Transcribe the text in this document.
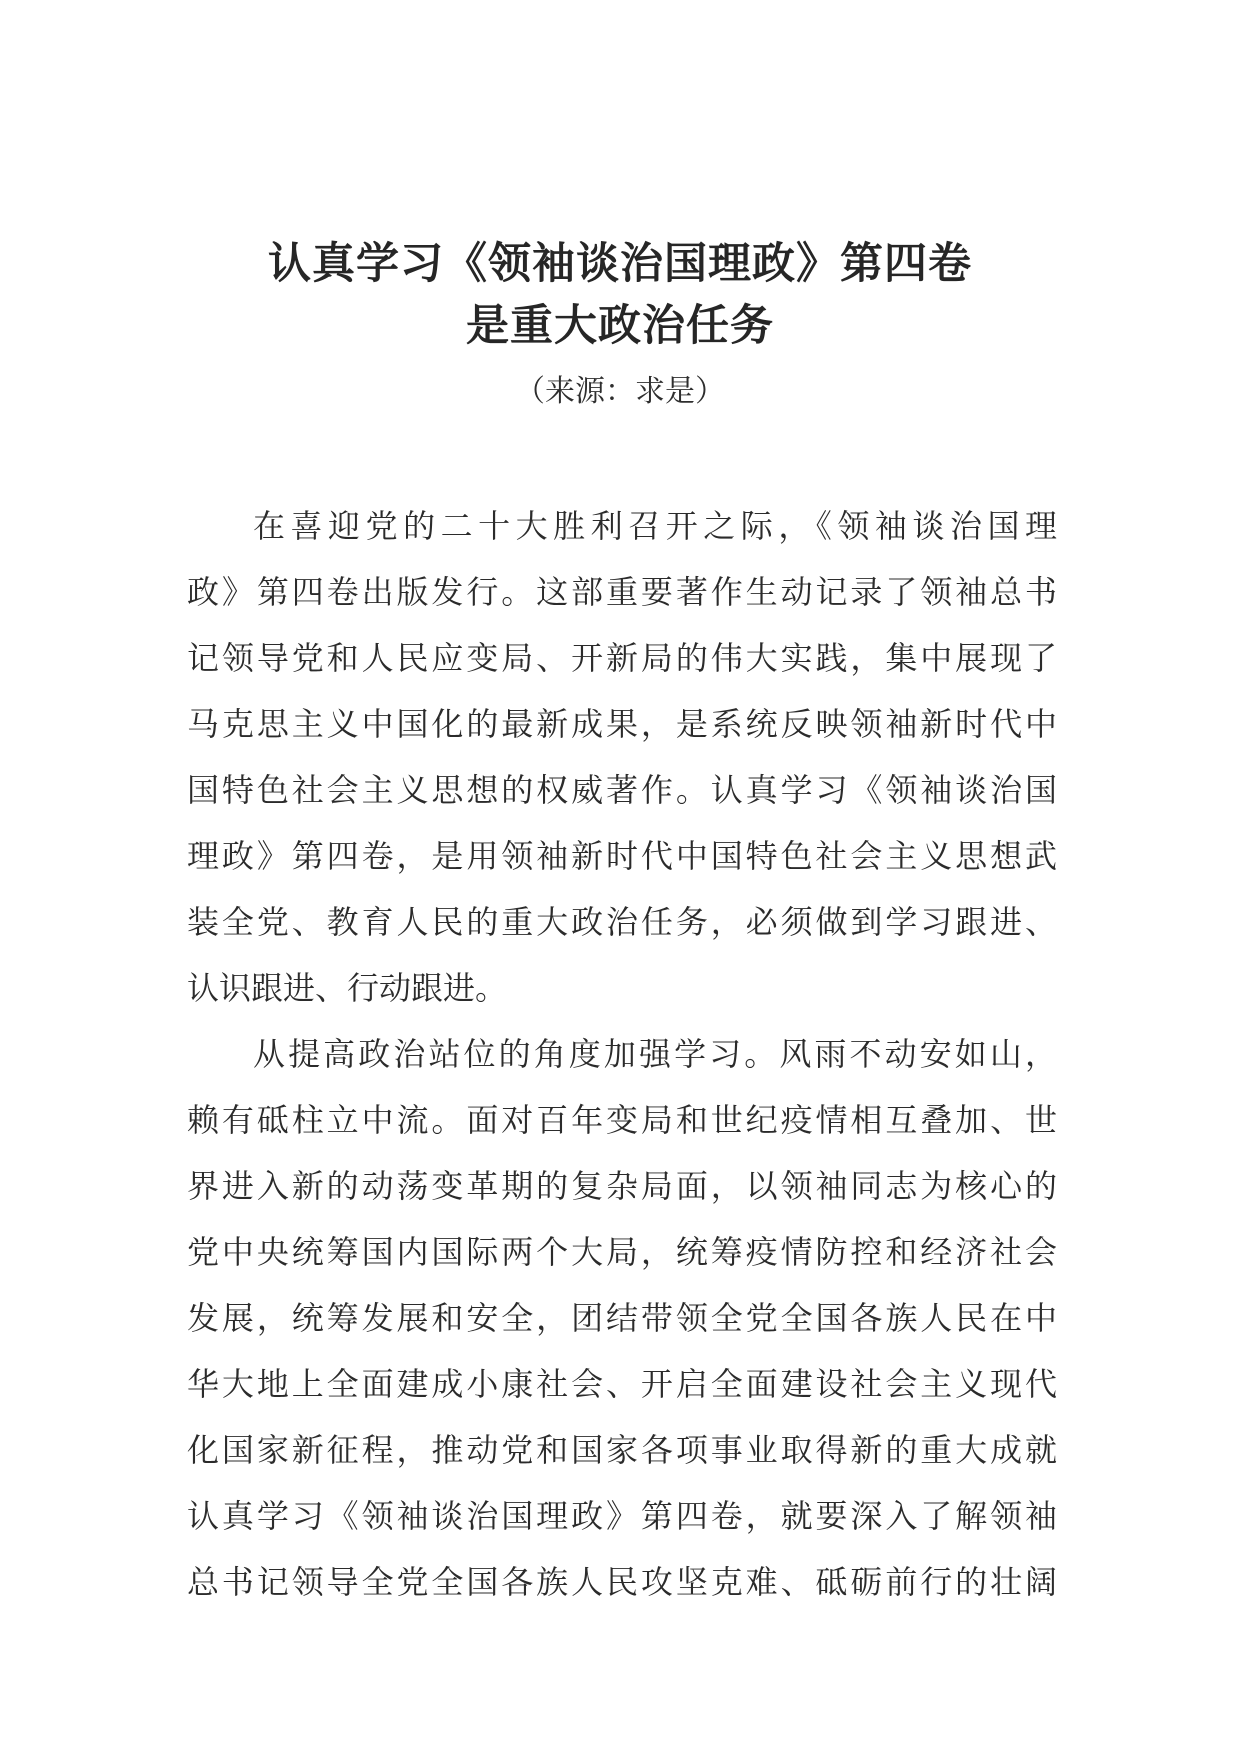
认真学习《领袖谈治国理政》第四卷
是重大政治任务
（来源：求是）
在喜迎党的二十大胜利召开之际，《领袖谈治国理
政》第四卷出版发行。这部重要著作生动记录了领袖总书
记领导党和人民应变局、开新局的伟大实践，集中展现了
马克思主义中国化的最新成果，是系统反映领袖新时代中
国特色社会主义思想的权威著作。认真学习《领袖谈治国
理政》第四卷，是用领袖新时代中国特色社会主义思想武
装全党、教育人民的重大政治任务，必须做到学习跟进、
认识跟进、行动跟进。
从提高政治站位的角度加强学习。风雨不动安如山，
赖有砥柱立中流。面对百年变局和世纪疫情相互叠加、世
界进入新的动荡变革期的复杂局面，以领袖同志为核心的
党中央统筹国内国际两个大局，统筹疫情防控和经济社会
发展，统筹发展和安全，团结带领全党全国各族人民在中
华大地上全面建成小康社会、开启全面建设社会主义现代
化国家新征程，推动党和国家各项事业取得新的重大成就
认真学习《领袖谈治国理政》第四卷，就要深入了解领袖
总书记领导全党全国各族人民攻坚克难、砥砺前行的壮阔
